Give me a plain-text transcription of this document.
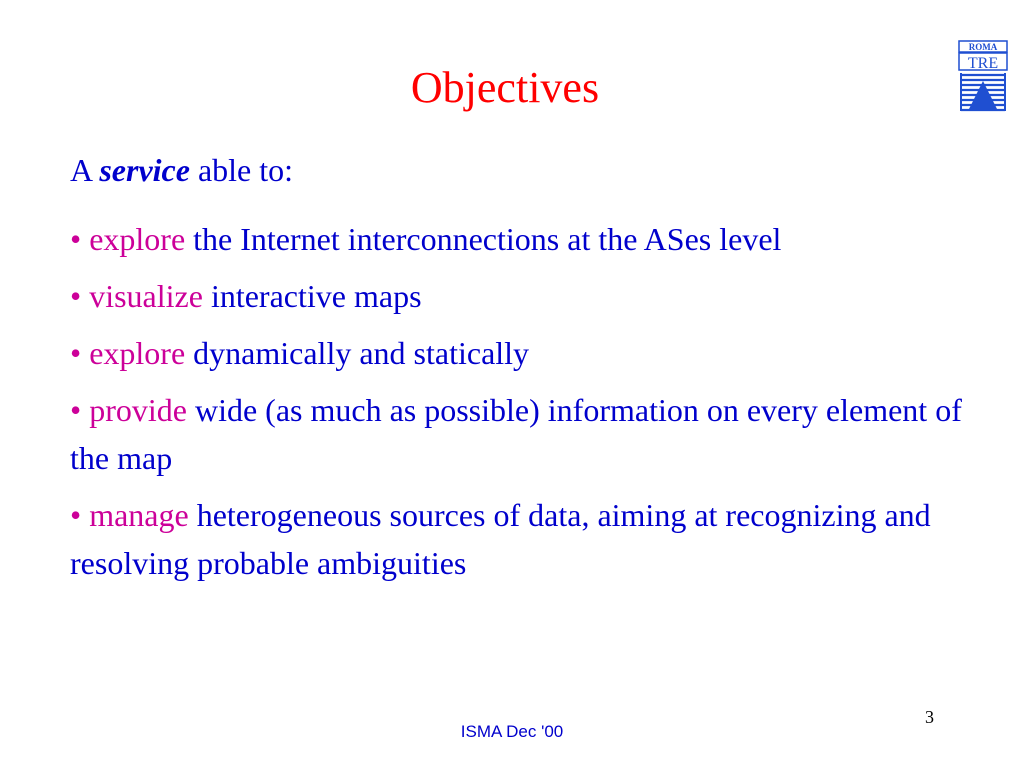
Objectives
ROMA
TRE
A service able to:
• explore the Internet interconnections at the ASes level
• visualize interactive maps
• explore dynamically and statically
• provide wide (as much as possible) information on every element of the map
• manage heterogeneous sources of data, aiming at recognizing and resolving probable ambiguities
ISMA Dec '00
3
